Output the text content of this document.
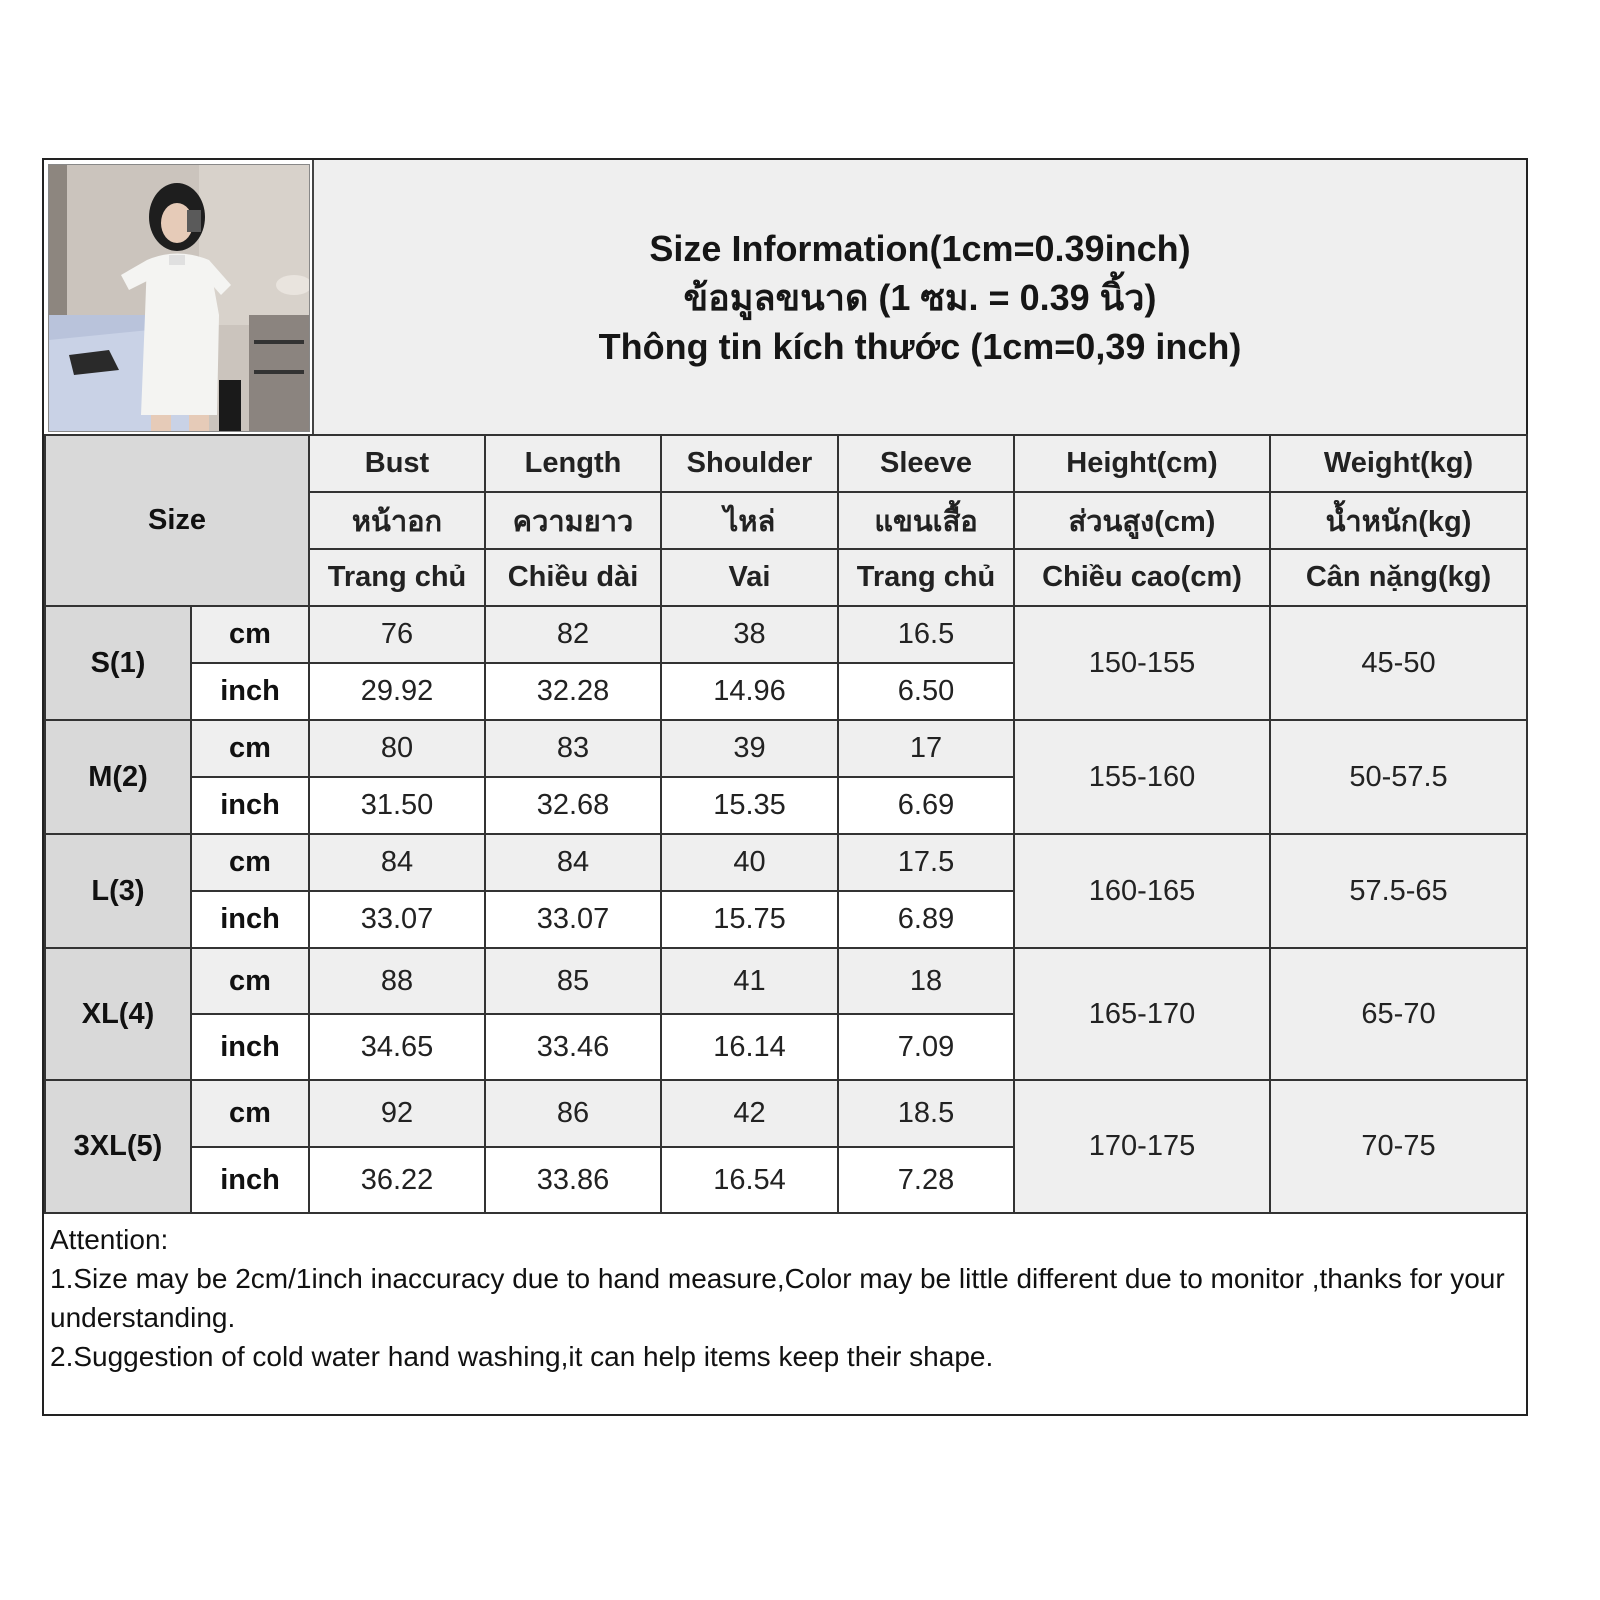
Size Information(1cm=0.39inch)
ข้อมูลขนาด (1 ซม. = 0.39 นิ้ว)
Thông tin kích thước (1cm=0,39 inch)
Size		Bust	Length	Shoulder	Sleeve	Height(cm)	Weight(kg)
		หน้าอก	ความยาว	ไหล่	แขนเสื้อ	ส่วนสูง(cm)	น้ำหนัก(kg)
		Trang chủ	Chiều dài	Vai	Trang chủ	Chiều cao(cm)	Cân nặng(kg)
S(1)	cm	76	82	38	16.5	150-155	45-50
	inch	29.92	32.28	14.96	6.50		
M(2)	cm	80	83	39	17	155-160	50-57.5
	inch	31.50	32.68	15.35	6.69		
L(3)	cm	84	84	40	17.5	160-165	57.5-65
	inch	33.07	33.07	15.75	6.89		
XL(4)	cm	88	85	41	18	165-170	65-70
	inch	34.65	33.46	16.14	7.09		
3XL(5)	cm	92	86	42	18.5	170-175	70-75
	inch	36.22	33.86	16.54	7.28		

Attention:

1.Size may be 2cm/1inch inaccuracy due to hand measure,Color may be little different due to monitor ,thanks for your understanding.

2.Suggestion of cold water hand washing,it can help items keep their shape.
